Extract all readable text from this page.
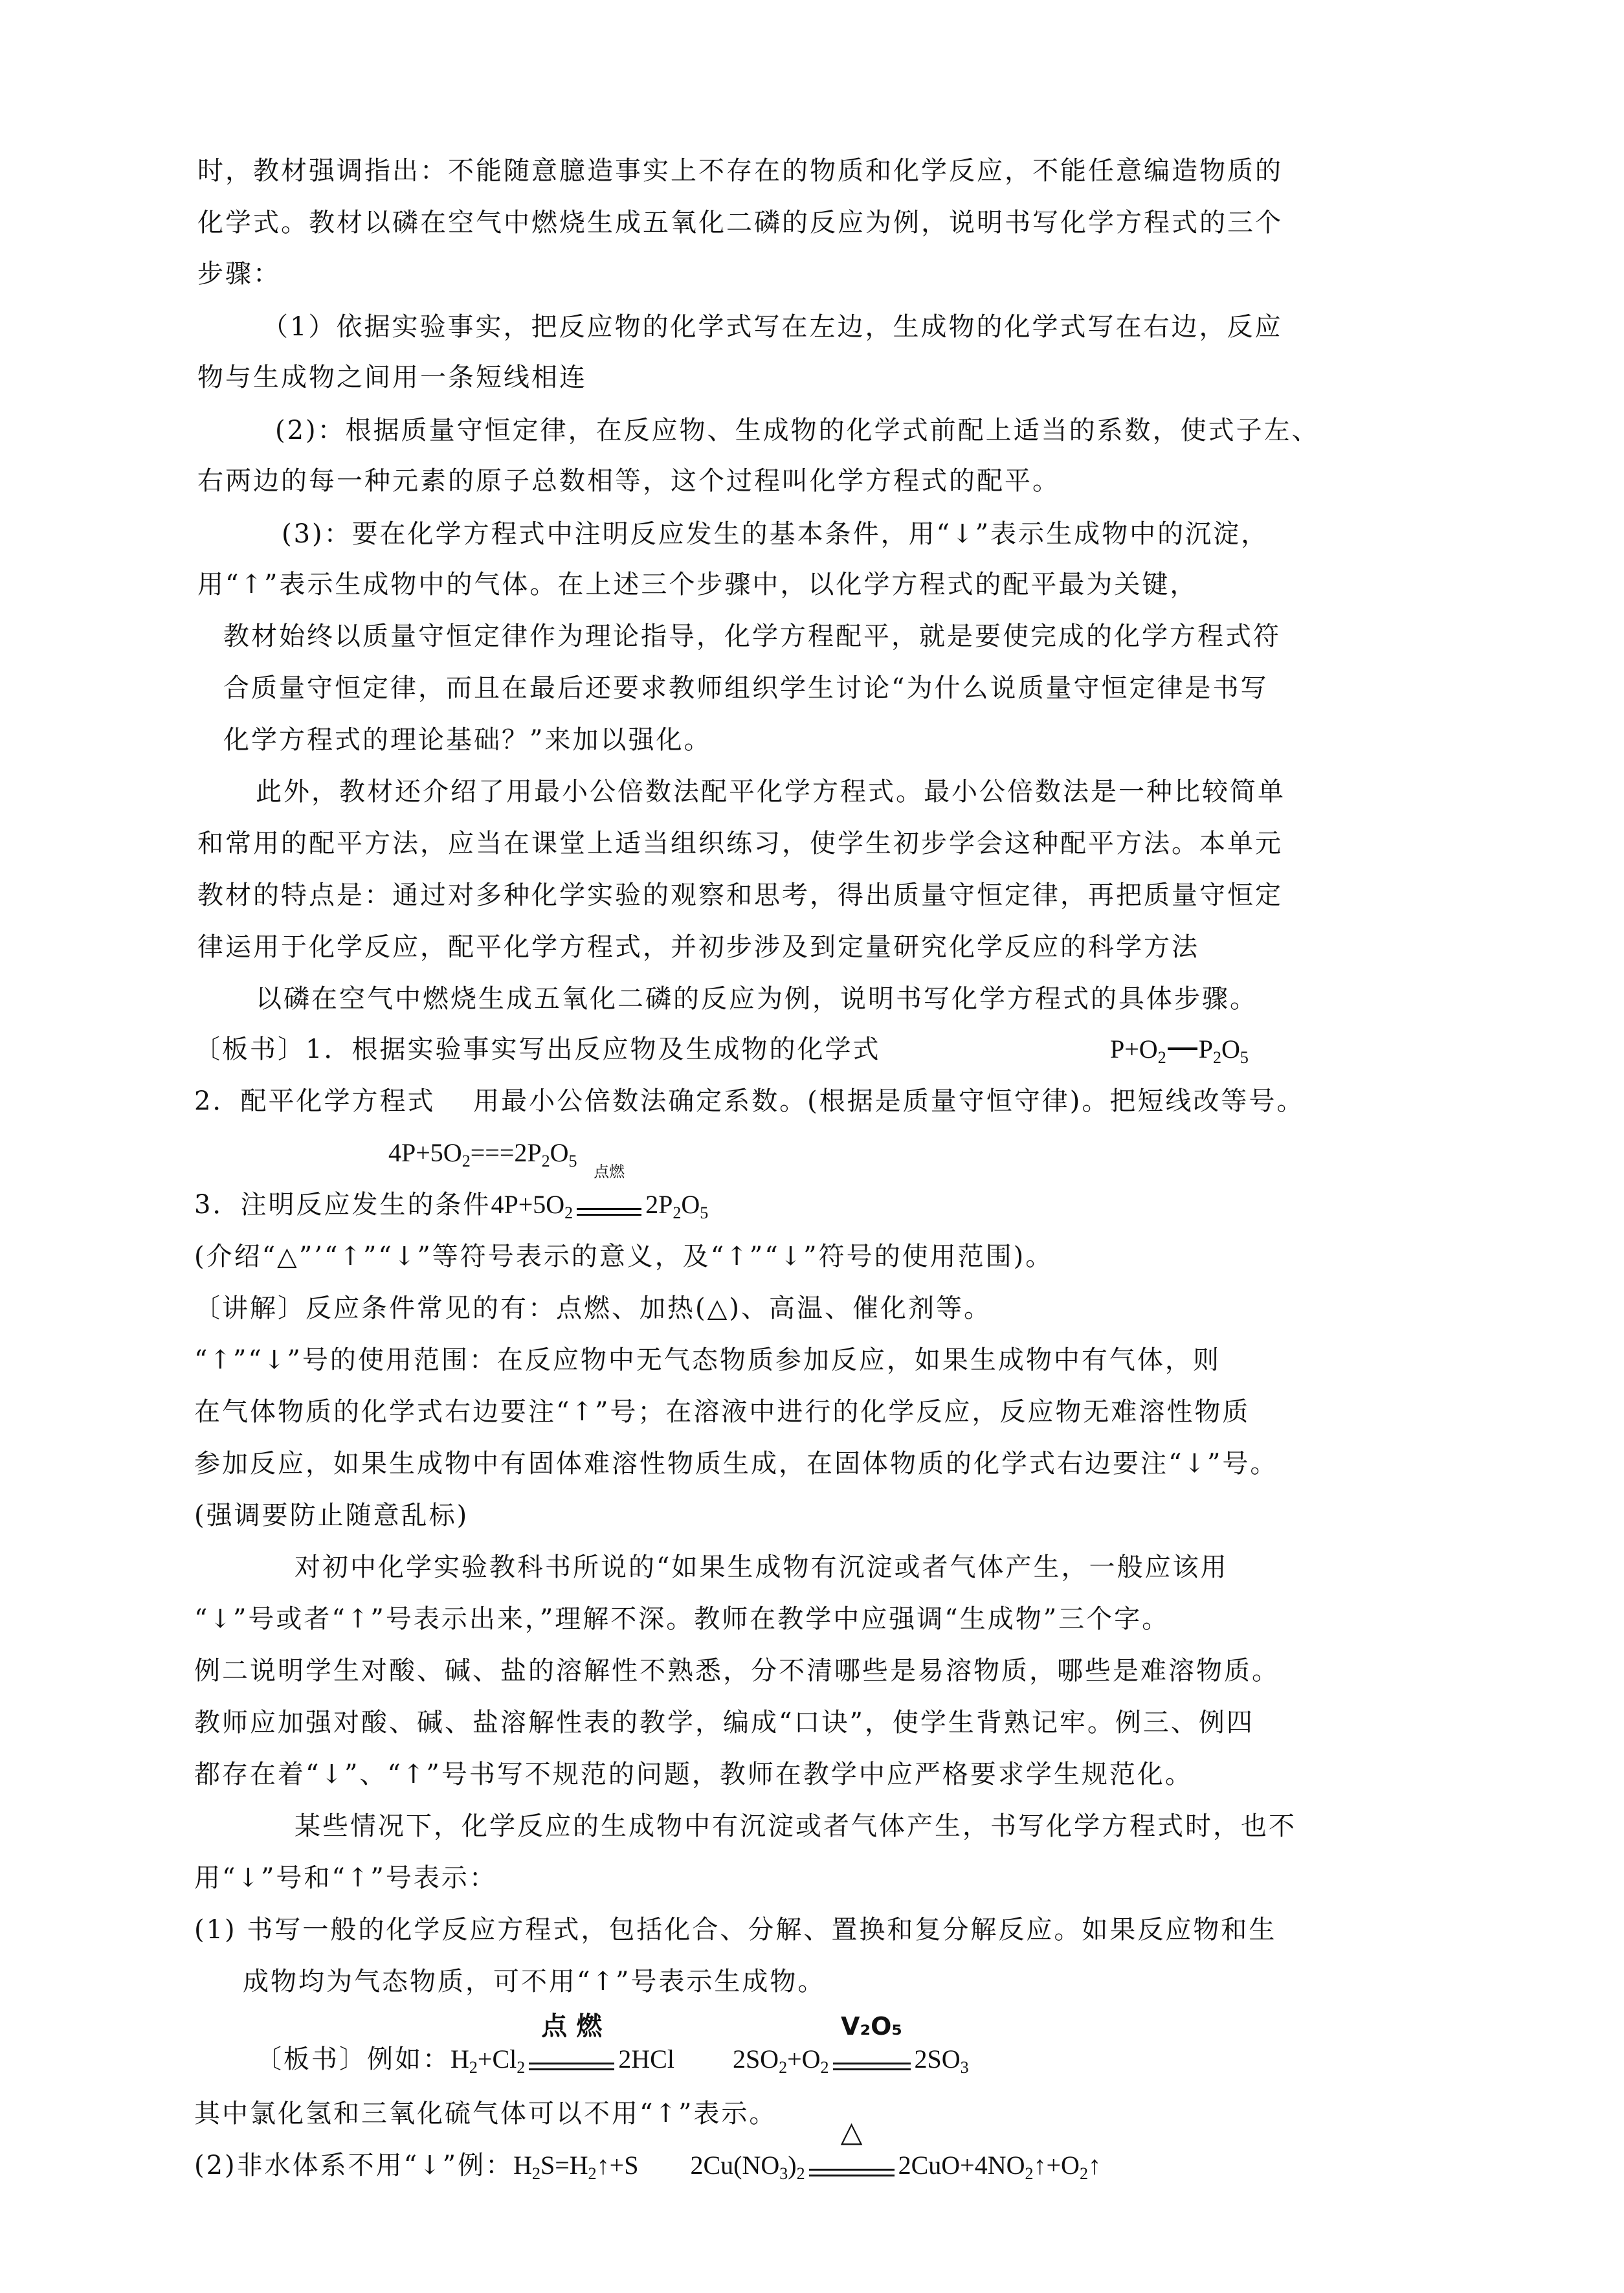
时，教材强调指出：不能随意臆造事实上不存在的物质和化学反应，不能任意编造物质的
化学式。教材以磷在空气中燃烧生成五氧化二磷的反应为例，说明书写化学方程式的三个
步骤：
（1）依据实验事实，把反应物的化学式写在左边，生成物的化学式写在右边，反应
物与生成物之间用一条短线相连
(2)：根据质量守恒定律，在反应物、生成物的化学式前配上适当的系数，使式子左、
右两边的每一种元素的原子总数相等，这个过程叫化学方程式的配平。
(3)：要在化学方程式中注明反应发生的基本条件，用“↓”表示生成物中的沉淀，
用“↑”表示生成物中的气体。在上述三个步骤中，以化学方程式的配平最为关键，
教材始终以质量守恒定律作为理论指导，化学方程配平，就是要使完成的化学方程式符
合质量守恒定律，而且在最后还要求教师组织学生讨论“为什么说质量守恒定律是书写
化学方程式的理论基础？”来加以强化。
此外，教材还介绍了用最小公倍数法配平化学方程式。最小公倍数法是一种比较简单
和常用的配平方法，应当在课堂上适当组织练习，使学生初步学会这种配平方法。本单元
教材的特点是：通过对多种化学实验的观察和思考，得出质量守恒定律，再把质量守恒定
律运用于化学反应，配平化学方程式，并初步涉及到定量研究化学反应的科学方法
以磷在空气中燃烧生成五氧化二磷的反应为例，说明书写化学方程式的具体步骤。
〔板书〕1．根据实验事实写出反应物及生成物的化学式	$P+O_2$ $P_2O_5$
2．配平化学方程式　 用最小公倍数法确定系数。(根据是质量守恒守律)。把短线改等号。
$4P+5O_2===2P_2O_5$
3．注明反应发生的条件$4P+5O_2$
点燃
$2P_2O_5$
(介绍“△”’“↑”“↓”等符号表示的意义，及“↑”“↓”符号的使用范围)。
〔讲解〕反应条件常见的有：点燃、加热(△)、高温、催化剂等。
“↑”“↓”号的使用范围：在反应物中无气态物质参加反应，如果生成物中有气体，则
在气体物质的化学式右边要注“↑”号；在溶液中进行的化学反应，反应物无难溶性物质
参加反应，如果生成物中有固体难溶性物质生成，在固体物质的化学式右边要注“↓”号。
(强调要防止随意乱标)
对初中化学实验教科书所说的“如果生成物有沉淀或者气体产生，一般应该用
“↓”号或者“↑”号表示出来，”理解不深。教师在教学中应强调“生成物”三个字。
例二说明学生对酸、碱、盐的溶解性不熟悉，分不清哪些是易溶物质，哪些是难溶物质。
教师应加强对酸、碱、盐溶解性表的教学，编成“口诀”，使学生背熟记牢。例三、例四
都存在着“↓”、“↑”号书写不规范的问题，教师在教学中应严格要求学生规范化。
某些情况下，化学反应的生成物中有沉淀或者气体产生，书写化学方程式时，也不
用“↓”号和“↑”号表示：
(1) 书写一般的化学反应方程式，包括化合、分解、置换和复分解反应。如果反应物和生
成物均为气态物质，可不用“↑”号表示生成物。
〔板书〕例如：$H_2+Cl_2$
点 燃
2HCl $2SO_2+O_2$
V₂O₅
$2SO_3$
其中氯化氢和三氧化硫气体可以不用“↑”表示。
(2)非水体系不用“↓”例：$H_2S=H_2↑+S$ $2Cu(NO_3)_2$
△
$2CuO+4NO_2↑+O_2↑$
